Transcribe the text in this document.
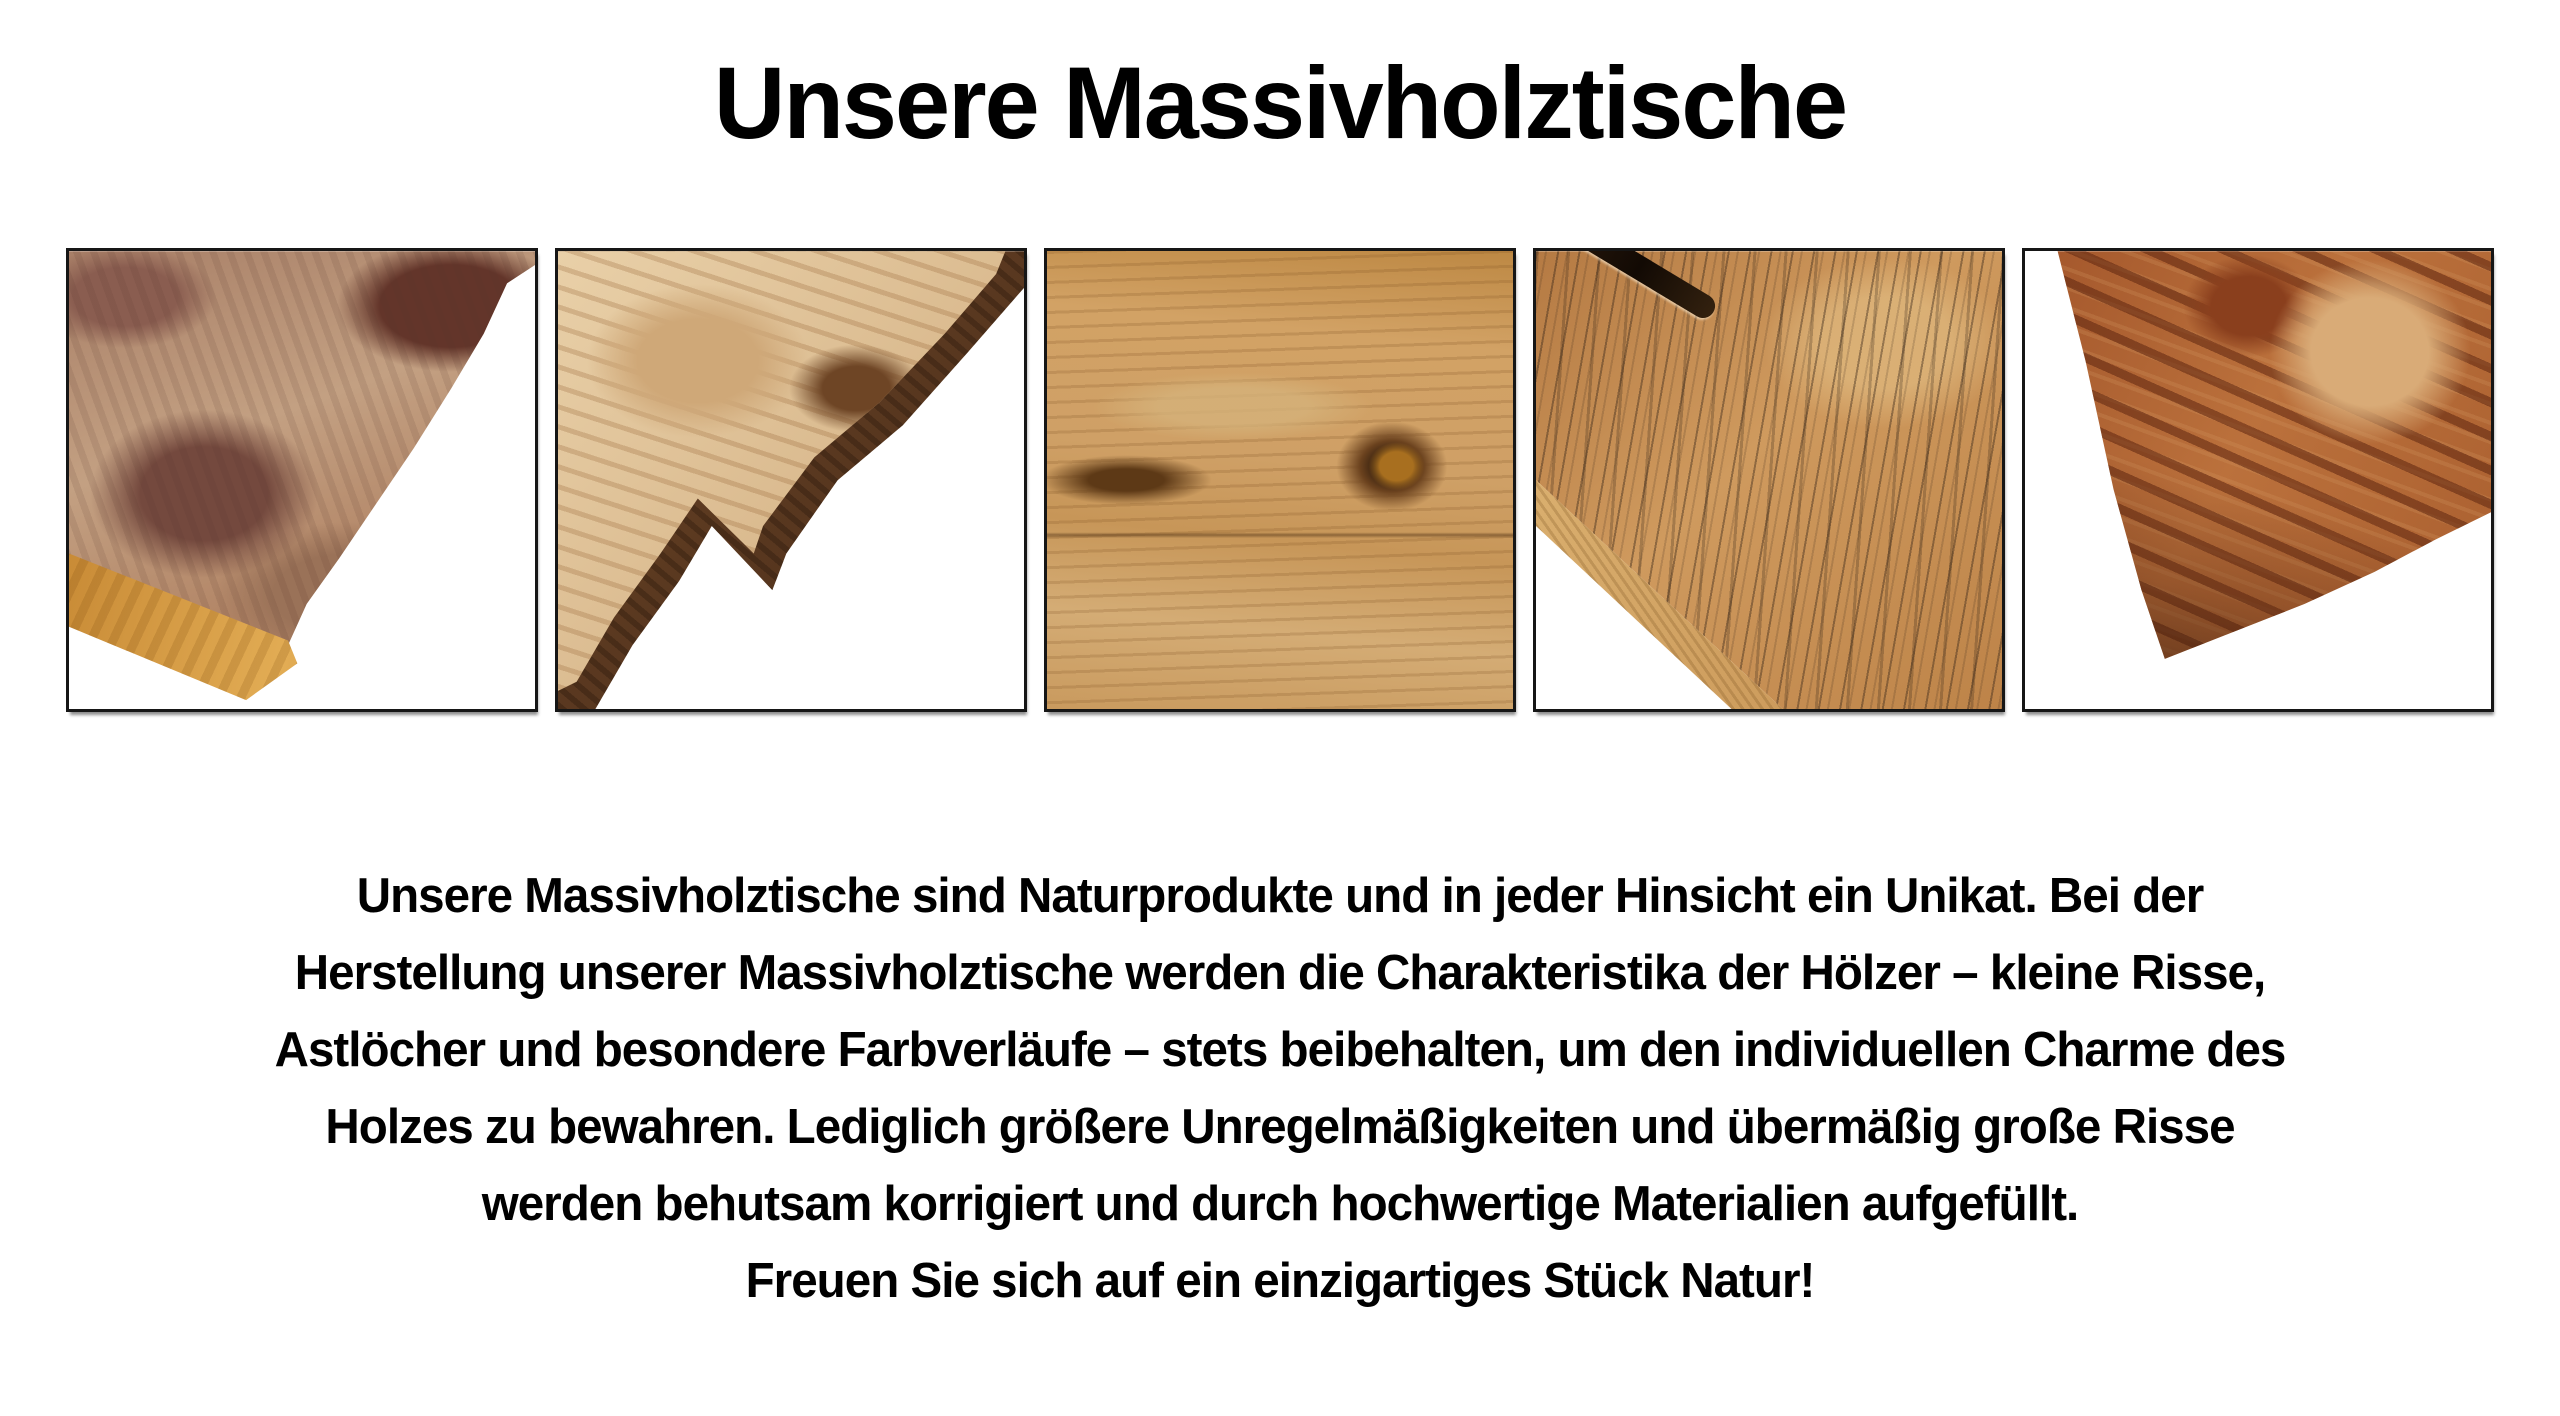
Unsere Massivholztische
Unsere Massivholztische sind Naturprodukte und in jeder Hinsicht ein Unikat. Bei der
Herstellung unserer Massivholztische werden die Charakteristika der Hölzer – kleine Risse,
Astlöcher und besondere Farbverläufe – stets beibehalten, um den individuellen Charme des
Holzes zu bewahren. Lediglich größere Unregelmäßigkeiten und übermäßig große Risse
werden behutsam korrigiert und durch hochwertige Materialien aufgefüllt.
Freuen Sie sich auf ein einzigartiges Stück Natur!
